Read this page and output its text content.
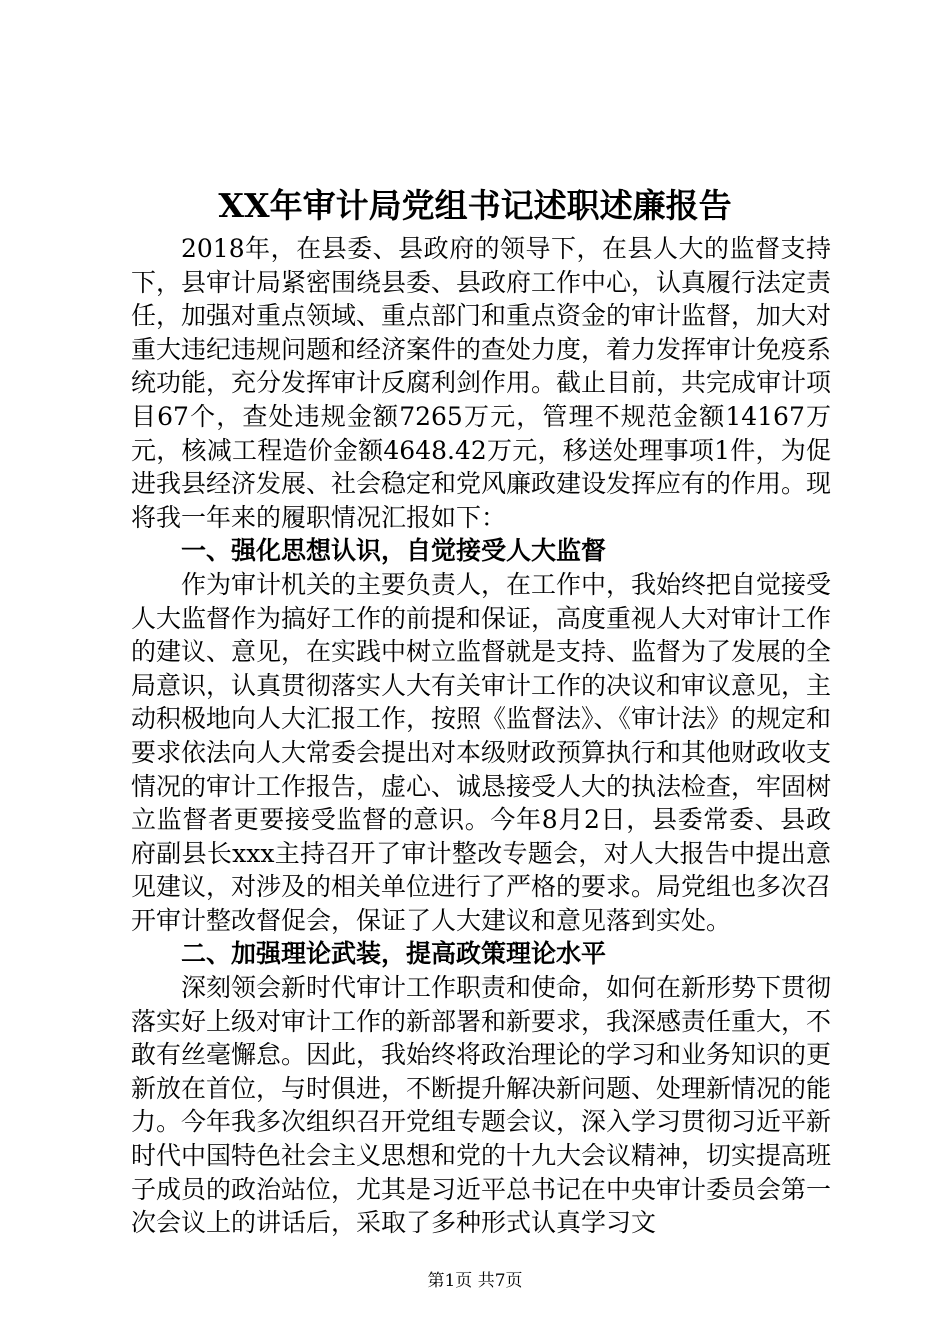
XX年审计局党组书记述职述廉报告

2018年，在县委、县政府的领导下，在县人大的监督支持下，县审计局紧密围绕县委、县政府工作中心，认真履行法定责任，加强对重点领域、重点部门和重点资金的审计监督，加大对重大违纪违规问题和经济案件的查处力度，着力发挥审计免疫系统功能，充分发挥审计反腐利剑作用。截止目前，共完成审计项目67个，查处违规金额7265万元，管理不规范金额14167万元，核减工程造价金额4648.42万元，移送处理事项1件，为促进我县经济发展、社会稳定和党风廉政建设发挥应有的作用。现将我一年来的履职情况汇报如下：

一、强化思想认识，自觉接受人大监督

作为审计机关的主要负责人，在工作中，我始终把自觉接受人大监督作为搞好工作的前提和保证，高度重视人大对审计工作的建议、意见，在实践中树立监督就是支持、监督为了发展的全局意识，认真贯彻落实人大有关审计工作的决议和审议意见，主动积极地向人大汇报工作，按照《监督法》、《审计法》的规定和要求依法向人大常委会提出对本级财政预算执行和其他财政收支情况的审计工作报告，虚心、诚恳接受人大的执法检查，牢固树立监督者更要接受监督的意识。今年8月2日，县委常委、县政府副县长xxx主持召开了审计整改专题会，对人大报告中提出意见建议，对涉及的相关单位进行了严格的要求。局党组也多次召开审计整改督促会，保证了人大建议和意见落到实处。

二、加强理论武装，提高政策理论水平

深刻领会新时代审计工作职责和使命，如何在新形势下贯彻落实好上级对审计工作的新部署和新要求，我深感责任重大，不敢有丝毫懈怠。因此，我始终将政治理论的学习和业务知识的更新放在首位，与时俱进，不断提升解决新问题、处理新情况的能力。今年我多次组织召开党组专题会议，深入学习贯彻习近平新时代中国特色社会主义思想和党的十九大会议精神，切实提高班子成员的政治站位，尤其是习近平总书记在中央审计委员会第一次会议上的讲话后，采取了多种形式认真学习文

第1页 共7页
